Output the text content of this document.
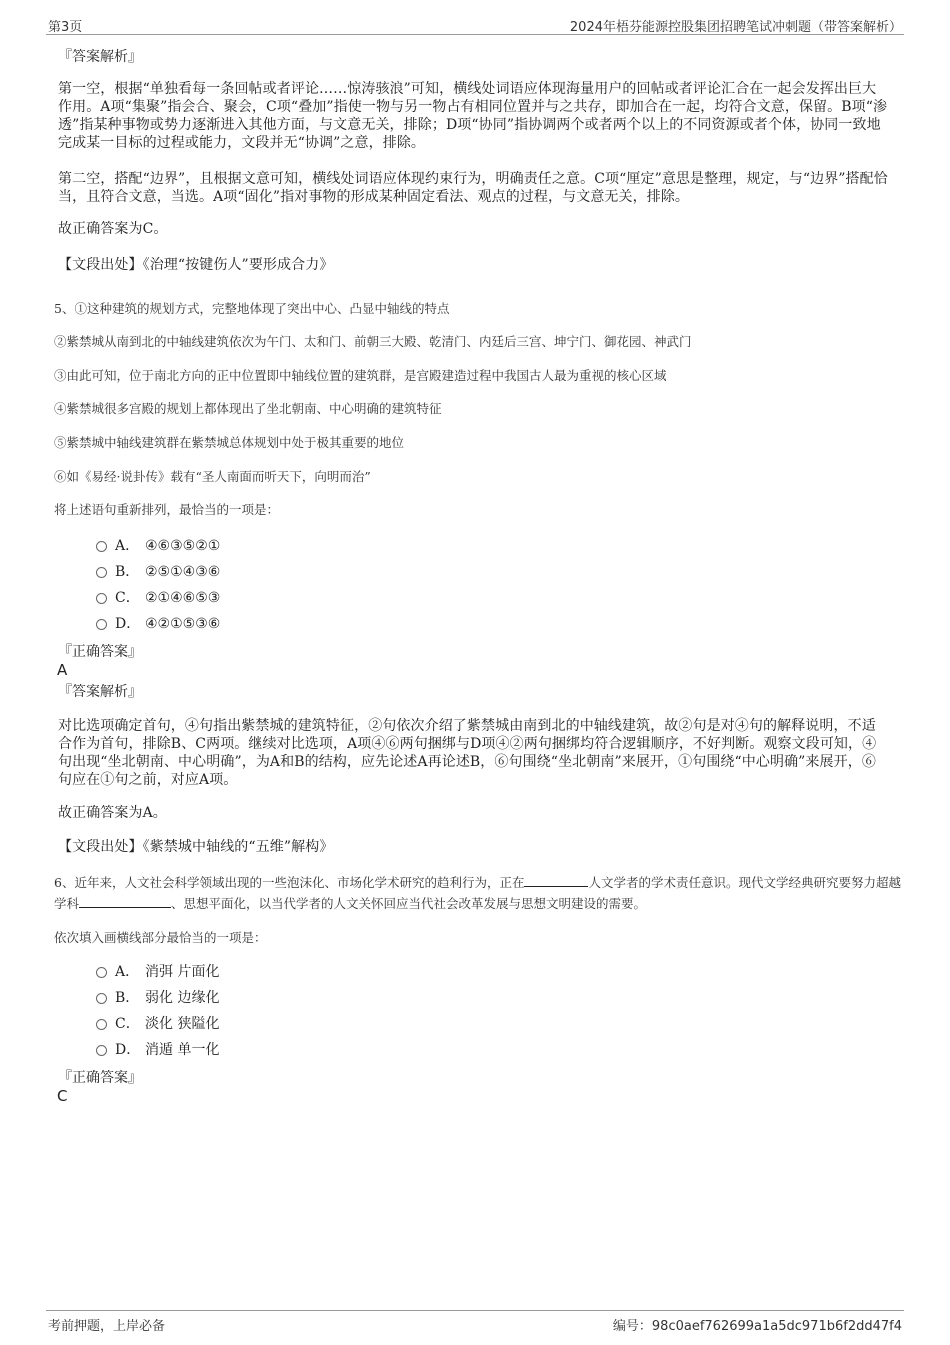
第3页	2024年梧芬能源控股集团招聘笔试冲刺题（带答案解析）
『答案解析』
第一空，根据“单独看每一条回帖或者评论……惊涛骇浪”可知，横线处词语应体现海量用户的回帖或者评论汇合在一起会发挥出巨大作用。A项“集聚”指会合、聚会，C项“叠加”指使一物与另一物占有相同位置并与之共存，即加合在一起，均符合文意，保留。B项“渗透”指某种事物或势力逐渐进入其他方面，与文意无关，排除；D项“协同”指协调两个或者两个以上的不同资源或者个体，协同一致地完成某一目标的过程或能力，文段并无“协调”之意，排除。
第二空，搭配“边界”，且根据文意可知，横线处词语应体现约束行为，明确责任之意。C项“厘定”意思是整理，规定，与“边界”搭配恰当，且符合文意，当选。A项“固化”指对事物的形成某种固定看法、观点的过程，与文意无关，排除。
故正确答案为C。
【文段出处】《治理“按键伤人”要形成合力》
5、①这种建筑的规划方式，完整地体现了突出中心、凸显中轴线的特点
②紫禁城从南到北的中轴线建筑依次为午门、太和门、前朝三大殿、乾清门、内廷后三宫、坤宁门、御花园、神武门
③由此可知，位于南北方向的正中位置即中轴线位置的建筑群，是宫殿建造过程中我国古人最为重视的核心区域
④紫禁城很多宫殿的规划上都体现出了坐北朝南、中心明确的建筑特征
⑤紫禁城中轴线建筑群在紫禁城总体规划中处于极其重要的地位
⑥如《易经·说卦传》载有“圣人南面而听天下，向明而治”
将上述语句重新排列，最恰当的一项是：
A． ④⑥③⑤②①
B． ②⑤①④③⑥
C． ②①④⑥⑤③
D． ④②①⑤③⑥
『正确答案』
A
『答案解析』
对比选项确定首句，④句指出紫禁城的建筑特征，②句依次介绍了紫禁城由南到北的中轴线建筑，故②句是对④句的解释说明，不适合作为首句，排除B、C两项。继续对比选项，A项④⑥两句捆绑与D项④②两句捆绑均符合逻辑顺序，不好判断。观察文段可知，④句出现“坐北朝南、中心明确”，为A和B的结构，应先论述A再论述B，⑥句围绕“坐北朝南”来展开，①句围绕“中心明确”来展开，⑥句应在①句之前，对应A项。
故正确答案为A。
【文段出处】《紫禁城中轴线的“五维”解构》
6、近年来，人文社会科学领域出现的一些泡沫化、市场化学术研究的趋利行为，正在	人文学者的学术责任意识。现代文学经典研究要努力超越学科	、思想平面化，以当代学者的人文关怀回应当代社会改革发展与思想文明建设的需要。
依次填入画横线部分最恰当的一项是：
A． 消弭 片面化
B． 弱化 边缘化
C． 淡化 狭隘化
D． 消遁 单一化
『正确答案』
C
考前押题，上岸必备	编号：98c0aef762699a1a5dc971b6f2dd47f4
